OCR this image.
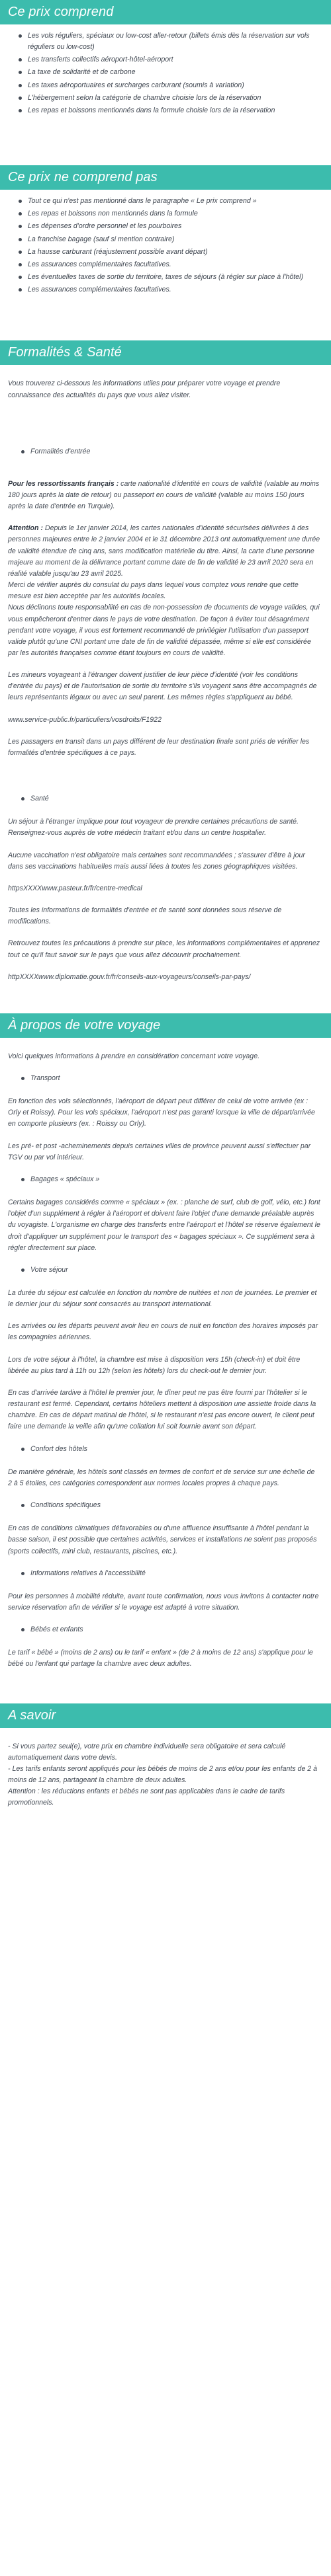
Ce prix comprend
Les vols réguliers, spéciaux ou low-cost aller-retour (billets émis dès la réservation sur vols réguliers ou low-cost)
Les transferts collectifs aéroport-hôtel-aéroport
La taxe de solidarité et de carbone
Les taxes aéroportuaires et surcharges carburant (soumis à variation)
L'hébergement selon la catégorie de chambre choisie lors de la réservation
Les repas et boissons mentionnés dans la formule choisie lors de la réservation
Ce prix ne comprend pas
Tout ce qui n'est pas mentionné dans le paragraphe « Le prix comprend »
Les repas et boissons non mentionnés dans la formule
Les dépenses d'ordre personnel et les pourboires
La franchise bagage (sauf si mention contraire)
La hausse carburant (réajustement possible avant départ)
Les assurances complémentaires facultatives.
Les éventuelles taxes de sortie du territoire, taxes de séjours (à régler sur place à l'hôtel)
Les assurances complémentaires facultatives.
Formalités & Santé

Vous trouverez ci-dessous les informations utiles pour préparer votre voyage et prendre connaissance des actualités du pays que vous allez visiter.

Formalités d'entrée

Pour les ressortissants français : carte nationalité d'identité en cours de validité (valable au moins 180 jours après la date de retour) ou passeport en cours de validité (valable au moins 150 jours après la date d'entrée en Turquie).

Attention : Depuis le 1er janvier 2014, les cartes nationales d'identité sécurisées délivrées à des personnes majeures entre le 2 janvier 2004 et le 31 décembre 2013 ont automatiquement une durée de validité étendue de cinq ans, sans modification matérielle du titre. Ainsi, la carte d'une personne majeure au moment de la délivrance portant comme date de fin de validité le 23 avril 2020 sera en réalité valable jusqu'au 23 avril 2025.
Merci de vérifier auprès du consulat du pays dans lequel vous comptez vous rendre que cette mesure est bien acceptée par les autorités locales.
Nous déclinons toute responsabilité en cas de non-possession de documents de voyage valides, qui vous empêcheront d'entrer dans le pays de votre destination. De façon à éviter tout désagrément pendant votre voyage, il vous est fortement recommandé de privilégier l'utilisation d'un passeport valide plutôt qu'une CNI portant une date de fin de validité dépassée, même si elle est considérée par les autorités françaises comme étant toujours en cours de validité.

Les mineurs voyageant à l'étranger doivent justifier de leur pièce d'identité (voir les conditions d'entrée du pays) et de l'autorisation de sortie du territoire s'ils voyagent sans être accompagnés de leurs représentants légaux ou avec un seul parent. Les mêmes règles s'appliquent au bébé.

www.service-public.fr/particuliers/vosdroits/F1922

Les passagers en transit dans un pays différent de leur destination finale sont priés de vérifier les formalités d'entrée spécifiques à ce pays.

Santé

Un séjour à l'étranger implique pour tout voyageur de prendre certaines précautions de santé. Renseignez-vous auprès de votre médecin traitant et/ou dans un centre hospitalier.

Aucune vaccination n'est obligatoire mais certaines sont recommandées ; s'assurer d'être à jour dans ses vaccinations habituelles mais aussi liées à toutes les zones géographiques visitées.

httpsXXXXwww.pasteur.fr/fr/centre-medical

Toutes les informations de formalités d'entrée et de santé sont données sous réserve de modifications.

Retrouvez toutes les précautions à prendre sur place, les informations complémentaires et apprenez tout ce qu'il faut savoir sur le pays que vous allez découvrir prochainement.

httpXXXXwww.diplomatie.gouv.fr/fr/conseils-aux-voyageurs/conseils-par-pays/

À propos de votre voyage

Voici quelques informations à prendre en considération concernant votre voyage.

Transport

En fonction des vols sélectionnés, l'aéroport de départ peut différer de celui de votre arrivée (ex : Orly et Roissy). Pour les vols spéciaux, l'aéroport n'est pas garanti lorsque la ville de départ/arrivée en comporte plusieurs (ex. : Roissy ou Orly).

Les pré- et post -acheminements depuis certaines villes de province peuvent aussi s'effectuer par TGV ou par vol intérieur.

Bagages « spéciaux »

Certains bagages considérés comme « spéciaux » (ex. : planche de surf, club de golf, vélo, etc.) font l'objet d'un supplément à régler à l'aéroport et doivent faire l'objet d'une demande préalable auprès du voyagiste. L'organisme en charge des transferts entre l'aéroport et l'hôtel se réserve également le droit d'appliquer un supplément pour le transport des « bagages spéciaux ». Ce supplément sera à régler directement sur place.

Votre séjour

La durée du séjour est calculée en fonction du nombre de nuitées et non de journées. Le premier et le dernier jour du séjour sont consacrés au transport international.

Les arrivées ou les départs peuvent avoir lieu en cours de nuit en fonction des horaires imposés par les compagnies aériennes.

Lors de votre séjour à l'hôtel, la chambre est mise à disposition vers 15h (check-in) et doit être libérée au plus tard à 11h ou 12h (selon les hôtels) lors du check-out le dernier jour.

En cas d'arrivée tardive à l'hôtel le premier jour, le dîner peut ne pas être fourni par l'hôtelier si le restaurant est fermé. Cependant, certains hôteliers mettent à disposition une assiette froide dans la chambre. En cas de départ matinal de l'hôtel, si le restaurant n'est pas encore ouvert, le client peut faire une demande la veille afin qu'une collation lui soit fournie avant son départ.

Confort des hôtels

De manière générale, les hôtels sont classés en termes de confort et de service sur une échelle de 2 à 5 étoiles, ces catégories correspondent aux normes locales propres à chaque pays.

Conditions spécifiques

En cas de conditions climatiques défavorables ou d'une affluence insuffisante à l'hôtel pendant la basse saison, il est possible que certaines activités, services et installations ne soient pas proposés (sports collectifs, mini club, restaurants, piscines, etc.).

Informations relatives à l'accessibilité

Pour les personnes à mobilité réduite, avant toute confirmation, nous vous invitons à contacter notre service réservation afin de vérifier si le voyage est adapté à votre situation.

Bébés et enfants

Le tarif « bébé » (moins de 2 ans) ou le tarif « enfant » (de 2 à moins de 12 ans) s'applique pour le bébé ou l'enfant qui partage la chambre avec deux adultes.

A savoir

- Si vous partez seul(e), votre prix en chambre individuelle sera obligatoire et sera calculé automatiquement dans votre devis.
- Les tarifs enfants seront appliqués pour les bébés de moins de 2 ans et/ou pour les enfants de 2 à moins de 12 ans, partageant la chambre de deux adultes.
Attention : les réductions enfants et bébés ne sont pas applicables dans le cadre de tarifs promotionnels.
